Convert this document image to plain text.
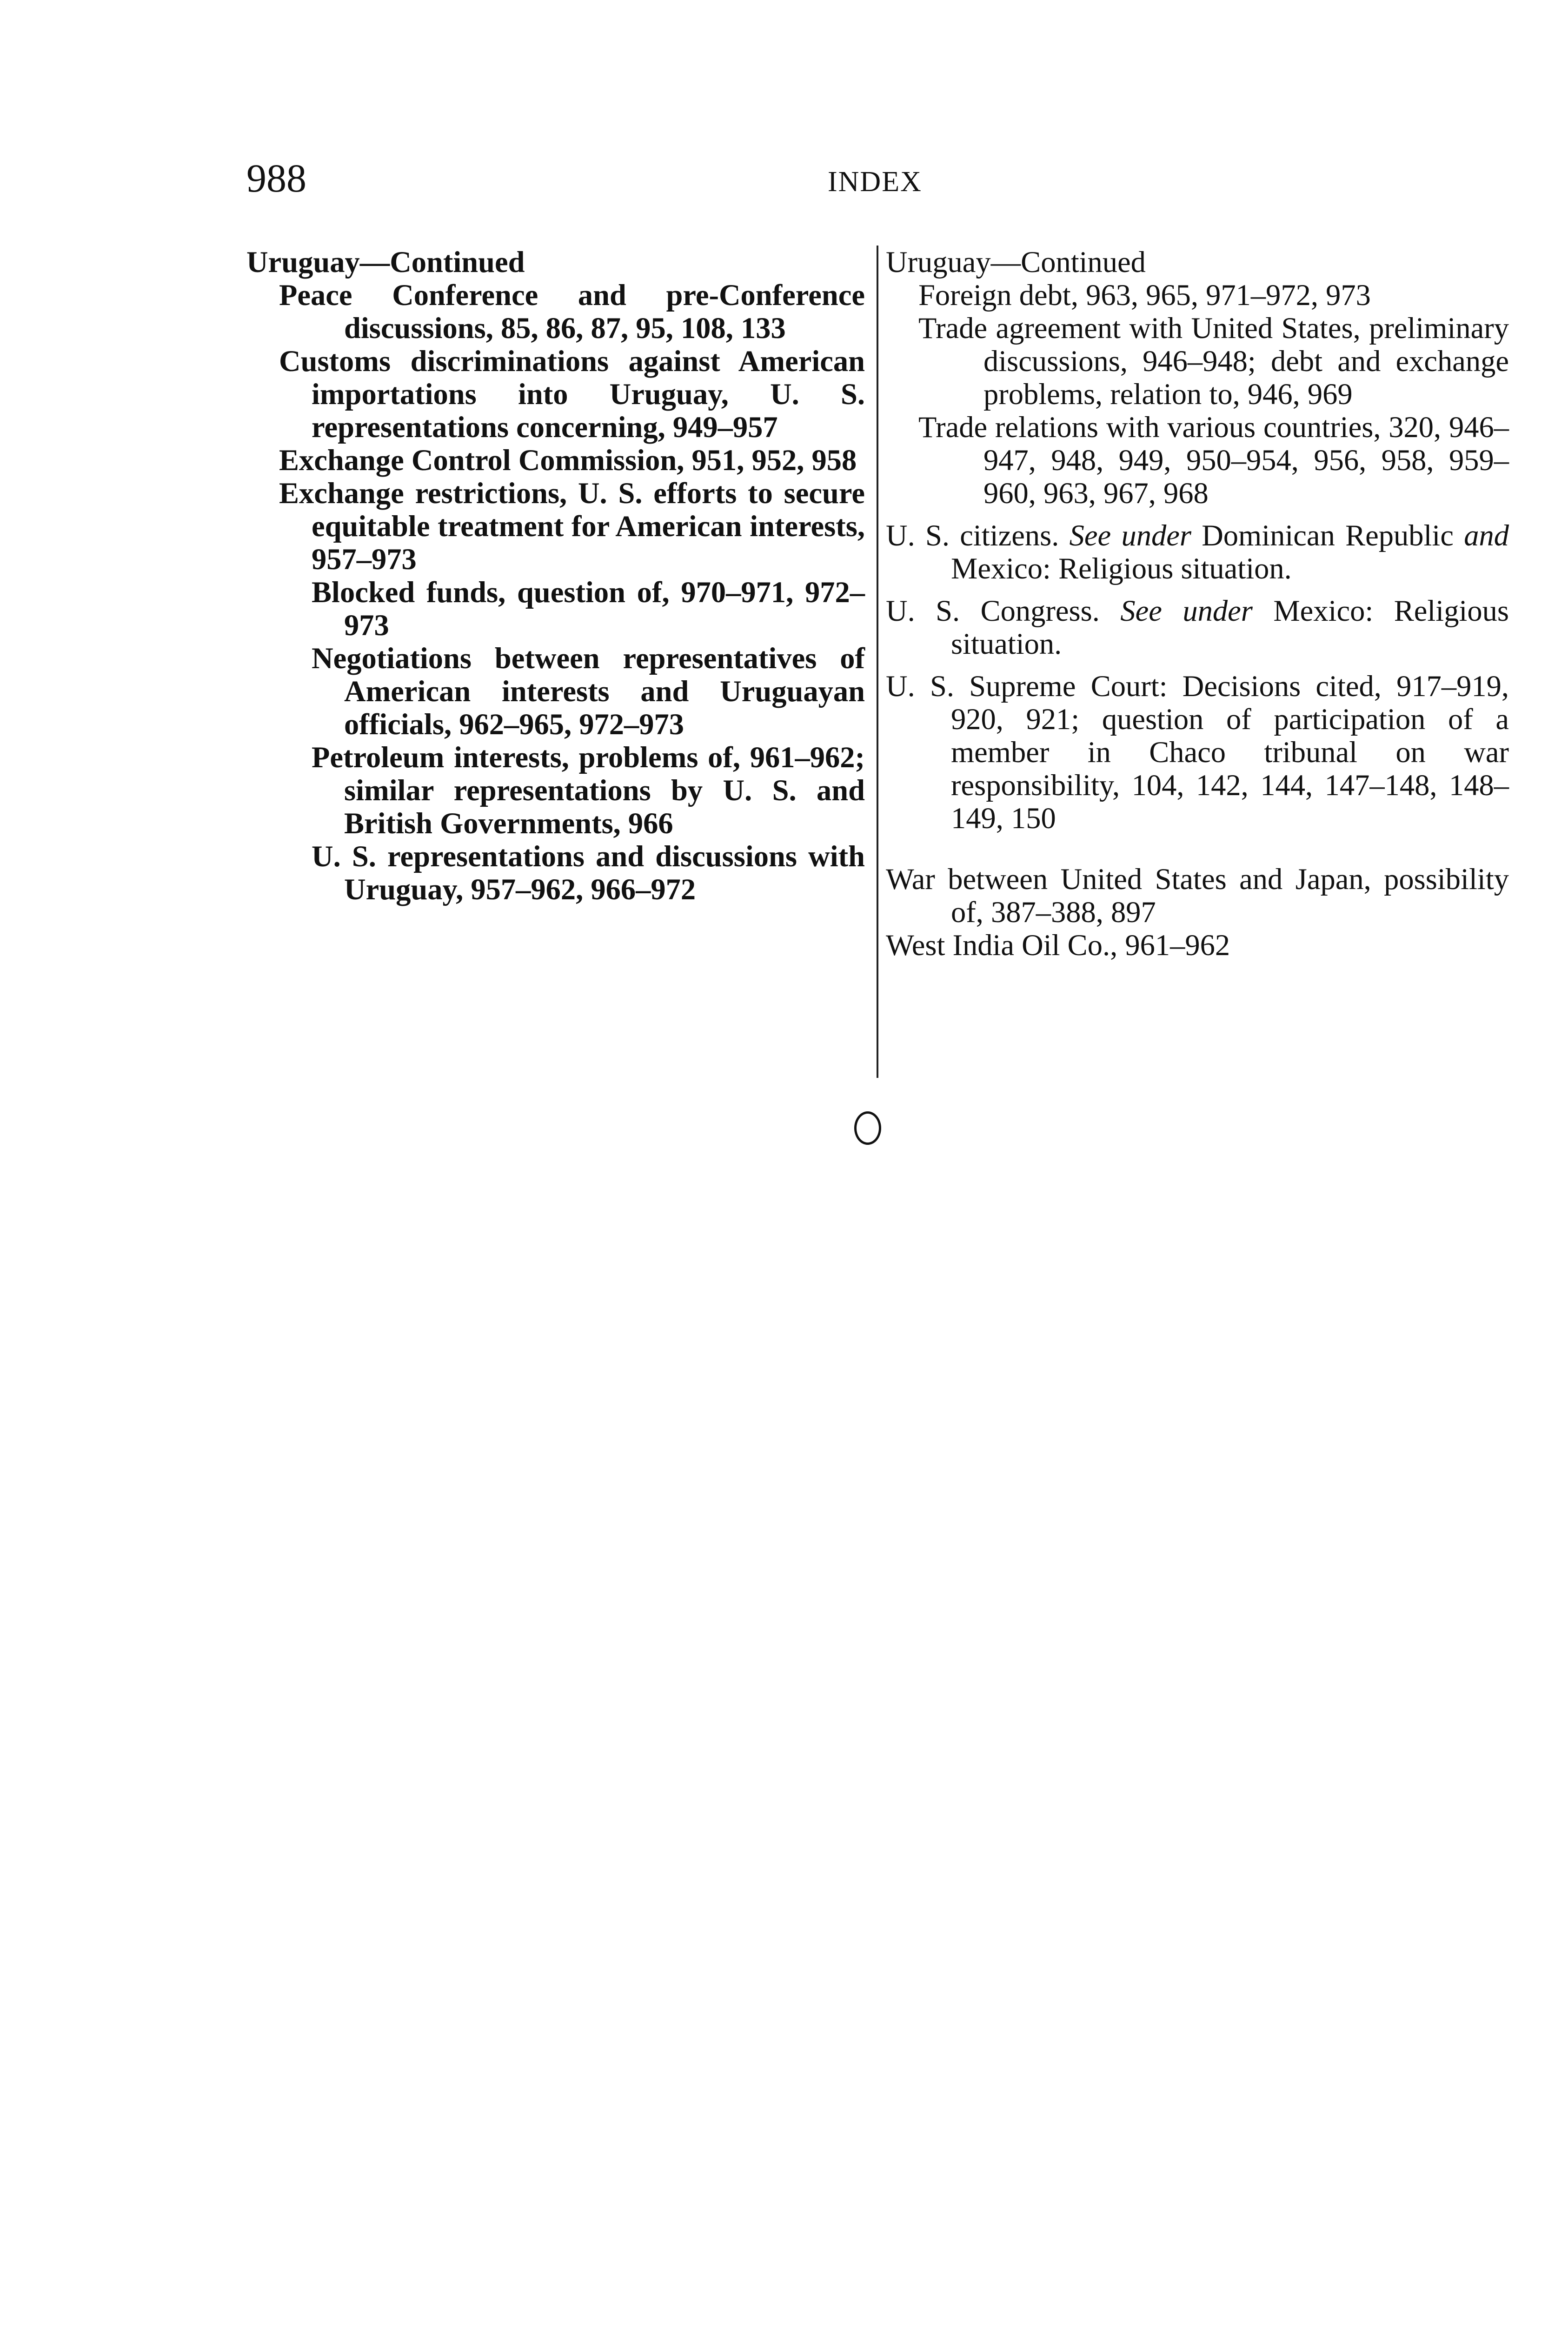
988	INDEX
Uruguay—Continued
Peace Conference and pre-Conference discussions, 85, 86, 87, 95, 108, 133
Customs discriminations against American importations into Uruguay, U. S. representations concerning, 949–957
Exchange Control Commission, 951, 952, 958
Exchange restrictions, U. S. efforts to secure equitable treatment for American interests, 957–973
Blocked funds, question of, 970–971, 972–973
Negotiations between representatives of American interests and Uruguayan officials, 962–965, 972–973
Petroleum interests, problems of, 961–962; similar representations by U. S. and British Governments, 966
U. S. representations and discussions with Uruguay, 957–962, 966–972
Uruguay—Continued
Foreign debt, 963, 965, 971–972, 973
Trade agreement with United States, preliminary discussions, 946–948; debt and exchange problems, relation to, 946, 969
Trade relations with various countries, 320, 946–947, 948, 949, 950–954, 956, 958, 959–960, 963, 967, 968
U. S. citizens. See under Dominican Republic and Mexico: Religious situation.
U. S. Congress. See under Mexico: Religious situation.
U. S. Supreme Court: Decisions cited, 917–919, 920, 921; question of participation of a member in Chaco tribunal on war responsibility, 104, 142, 144, 147–148, 148–149, 150
War between United States and Japan, possibility of, 387–388, 897
West India Oil Co., 961–962
